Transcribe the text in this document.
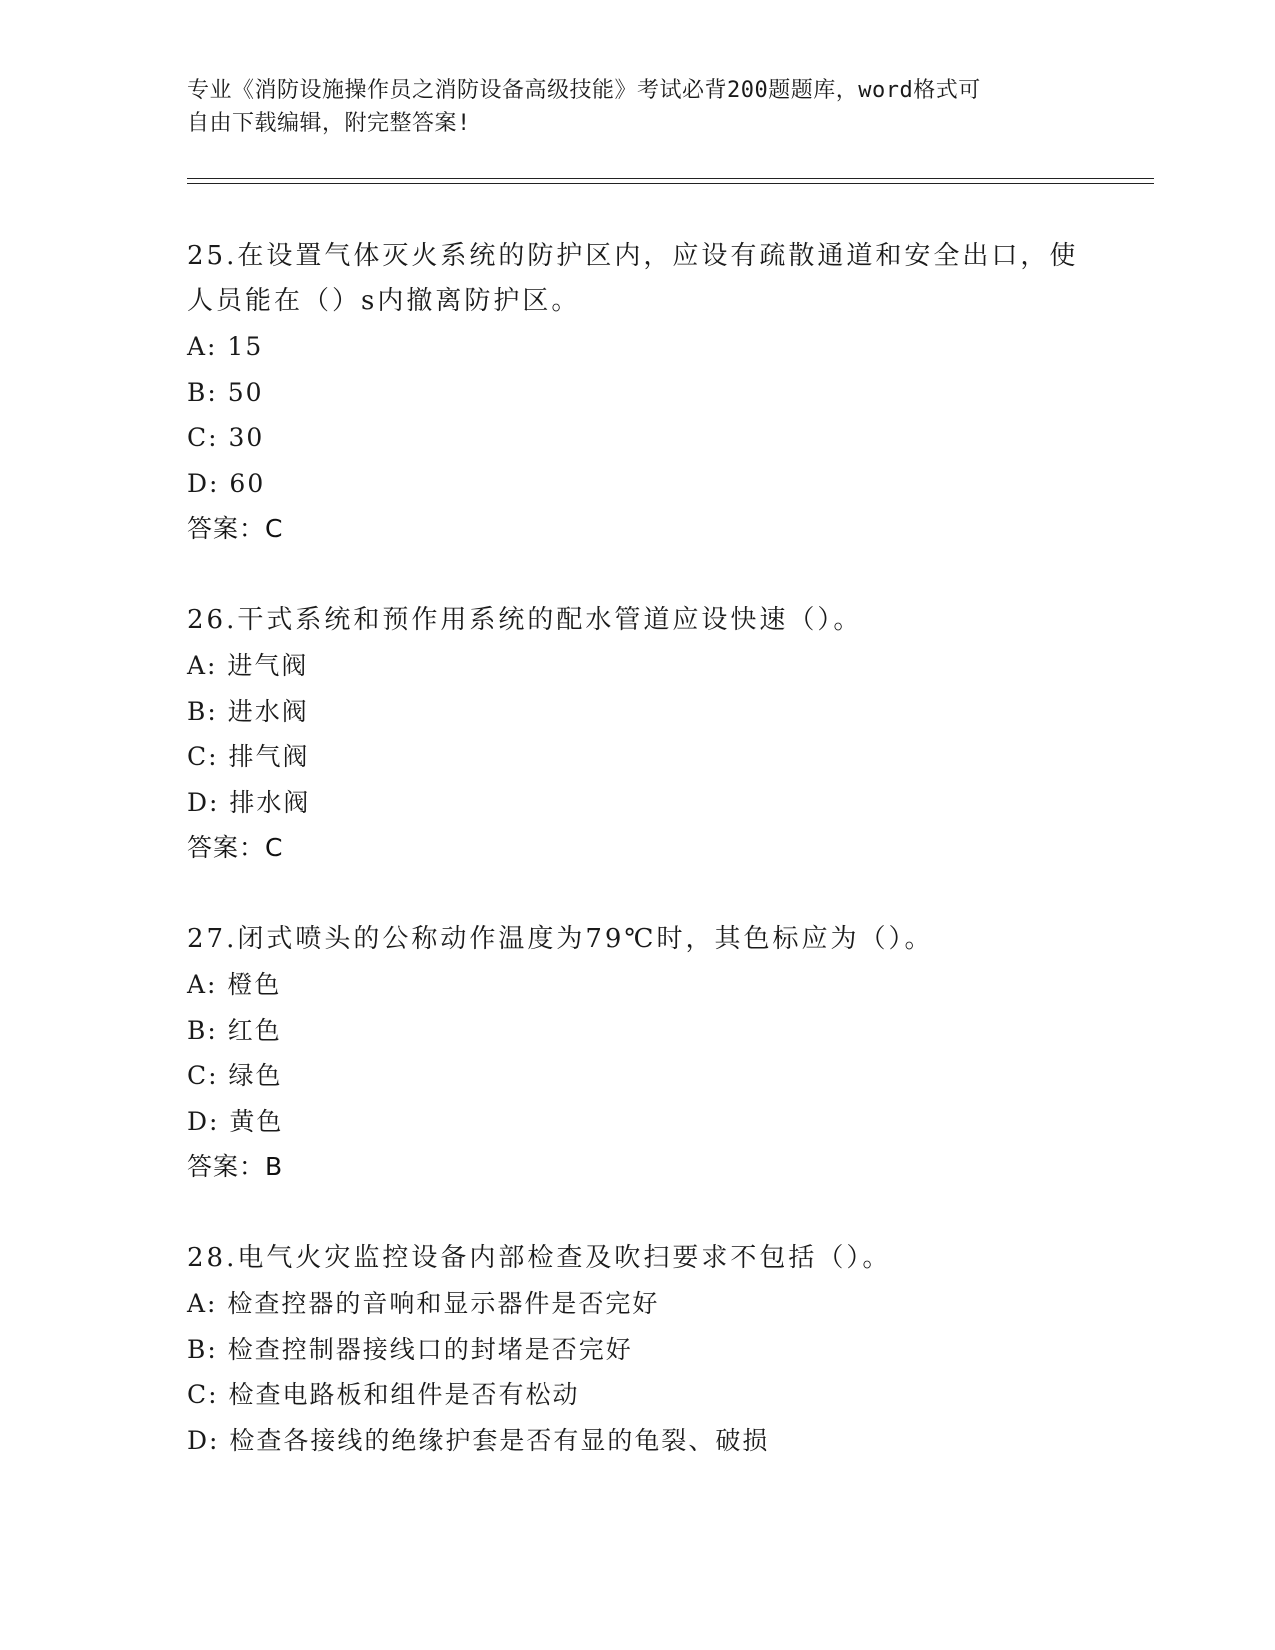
专业《消防设施操作员之消防设备高级技能》考试必背200题题库，word格式可
自由下载编辑，附完整答案!

25.在设置气体灭火系统的防护区内，应设有疏散通道和安全出口，使

人员能在（）s内撤离防护区。

A: 15

B: 50

C: 30

D: 60

答案：C

26.干式系统和预作用系统的配水管道应设快速（）。

A: 进气阀

B: 进水阀

C: 排气阀

D: 排水阀

答案：C

27.闭式喷头的公称动作温度为79℃时，其色标应为（）。

A: 橙色

B: 红色

C: 绿色

D: 黄色

答案：B

28.电气火灾监控设备内部检查及吹扫要求不包括（）。

A: 检查控器的音响和显示器件是否完好

B: 检查控制器接线口的封堵是否完好

C: 检查电路板和组件是否有松动

D: 检查各接线的绝缘护套是否有显的龟裂、破损
